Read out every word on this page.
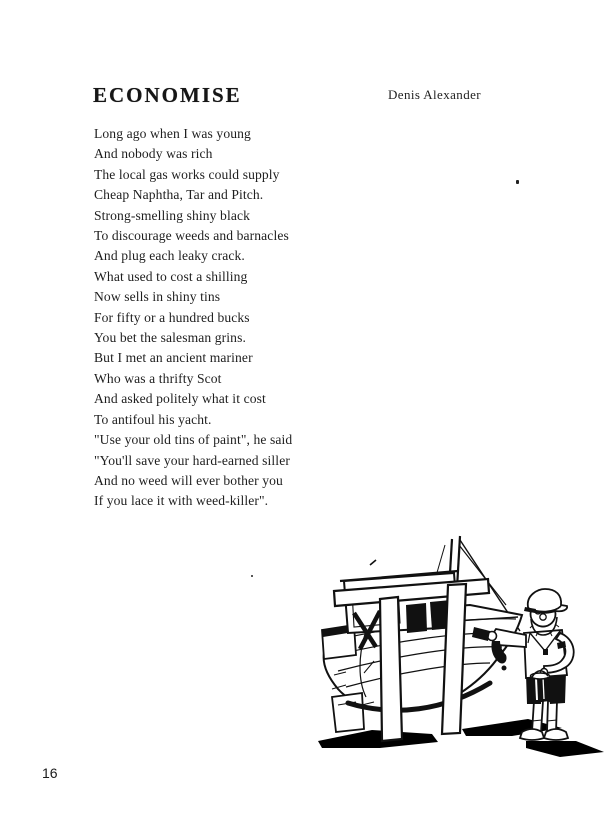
ECONOMISE	Denis Alexander
Long ago when I was young
And nobody was rich
The local gas works could supply
Cheap Naphtha, Tar and Pitch.
Strong-smelling shiny black
To discourage weeds and barnacles
And plug each leaky crack.
What used to cost a shilling
Now sells in shiny tins
For fifty or a hundred bucks
You bet the salesman grins.
But I met an ancient mariner
Who was a thrifty Scot
And asked politely what it cost
To antifoul his yacht.
"Use your old tins of paint", he said
"You'll save your hard-earned siller
And no weed will ever bother you
If you lace it with weed-killer".
16
